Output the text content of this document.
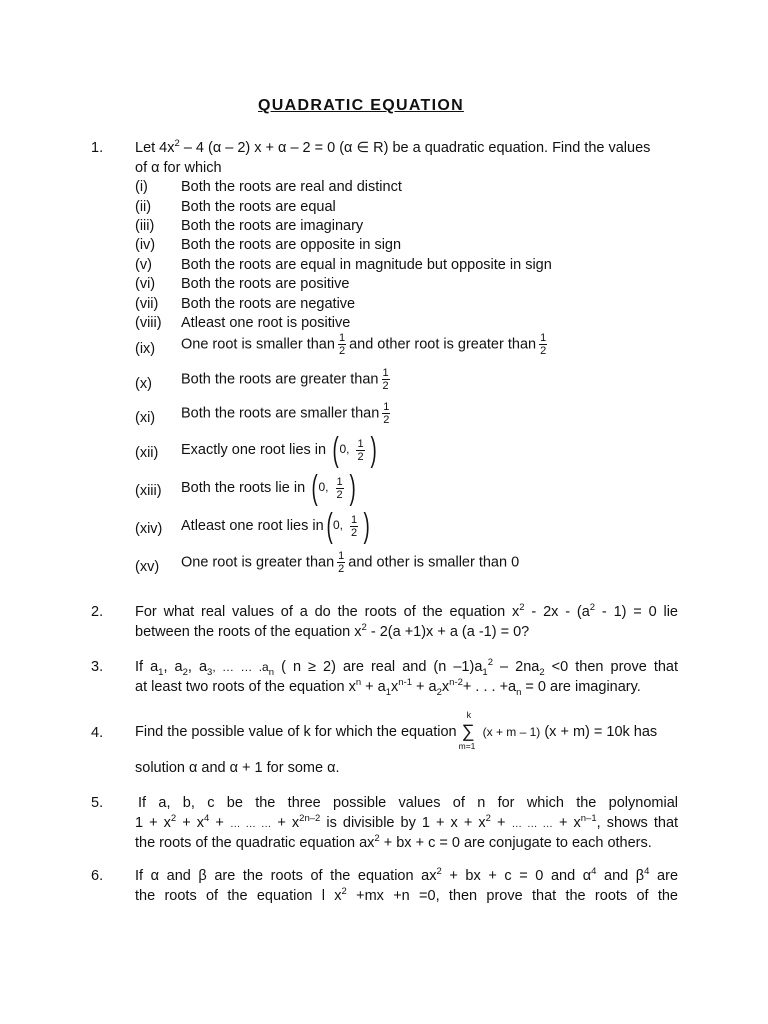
QUADRATIC EQUATION
1. Let $4x^2 - 4$ (α – 2) x + α – 2 = 0 (α ∈ R) be a quadratic equation. Find the values
of α for which
(i) Both the roots are real and distinct
(ii) Both the roots are equal
(iii) Both the roots are imaginary
(iv) Both the roots are opposite in sign
(v) Both the roots are equal in magnitude but opposite in sign
(vi) Both the roots are positive
(vii) Both the roots are negative
(viii) Atleast one root is positive
(ix) One root is smaller than $\frac{1}{2}$ and other root is greater than $\frac{1}{2}$
(x) Both the roots are greater than $\frac{1}{2}$
(xi) Both the roots are smaller than $\frac{1}{2}$
(xii) Exactly one root lies in ( 0, $\frac{1}{2}$ )
(xiii) Both the roots lie in ( 0, $\frac{1}{2}$ )
(xiv) Atleast one root lies in ( 0, $\frac{1}{2}$ )
(xv) One root is greater than $\frac{1}{2}$ and other is smaller than 0
2. For what real values of a do the roots of the equation $x^2 - 2x - (a^2 - 1) = 0$ lie
between the roots of the equation $x^2 - 2(a +1)x + a$ (a -1) = 0?
3. If $a_1$, $a_2$, $a_3$, … … $.a_n$ ( n ≥ 2) are real and (n $-1)a_1^2 - 2na_2 <0$ then prove that
at least two roots of the equation $x^n + a_1x^{n-1} + a_2x^{n-2}+$ . . . $+a_n = 0$ are imaginary.
4. Find the possible value of k for which the equation
k
∑
m=1
(x + m – 1) (x + m) = 10k has
solution α and α + 1 for some α.
5. If a, b, c be the three possible values of n for which the polynomial
$1 + x^2 + x^4$ + … … … + $x^{2n-2}$ is divisible by $1 + x + x^2$ + … … … + $x^{n-1}$, shows that
the roots of the quadratic equation $ax^2$ + bx + c = 0 are conjugate to each others.
6. If α and β are the roots of the equation $ax^2$ + bx + c = 0 and $\alpha^4$ and $\beta^4$ are
the roots of the equation l $x^2 +mx +n =0$, then prove that the roots of the
